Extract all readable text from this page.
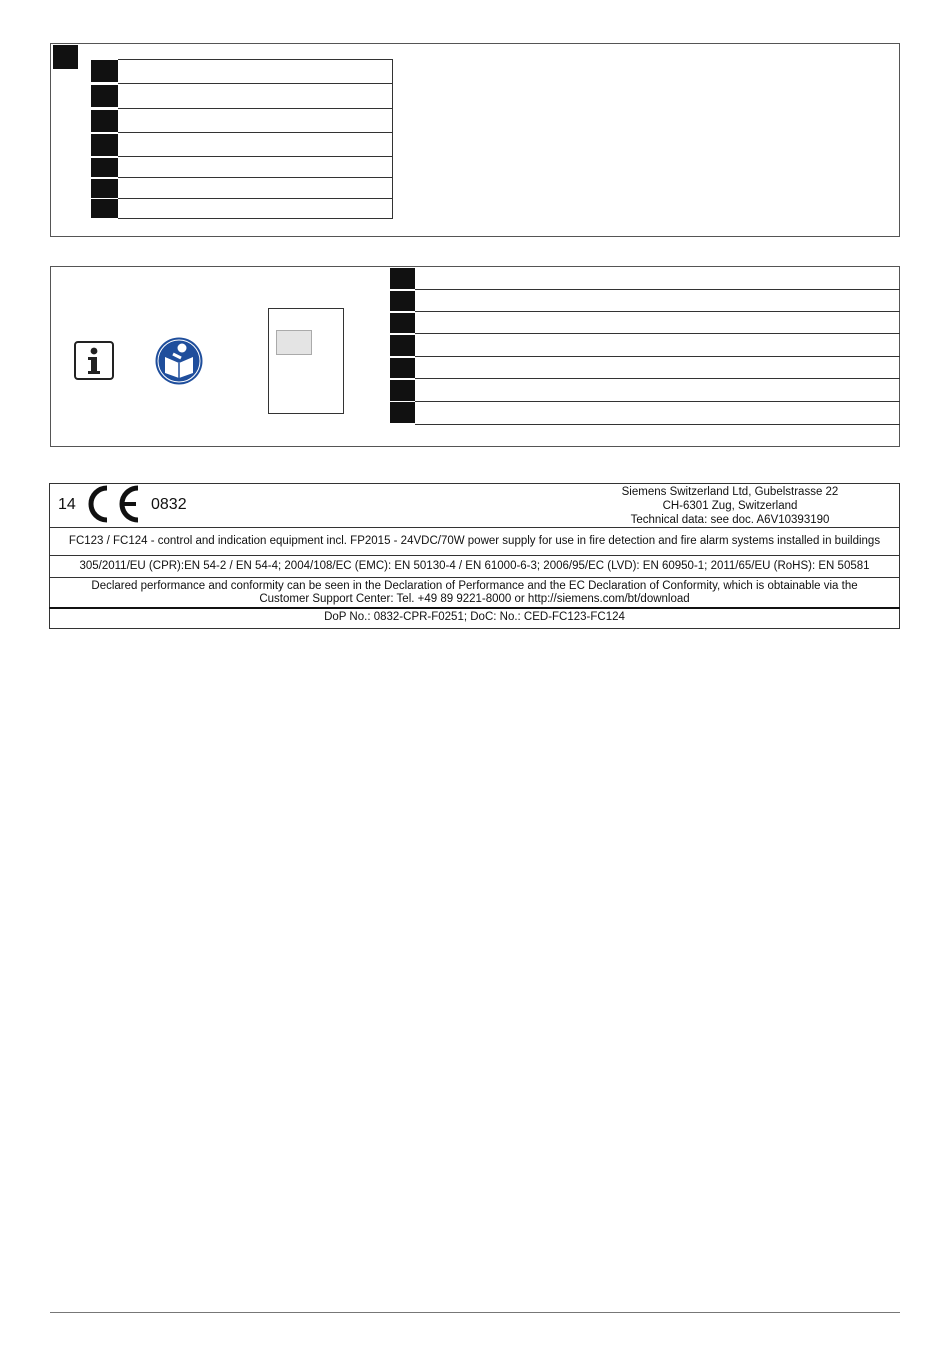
14	0832
Siemens Switzerland Ltd, Gubelstrasse 22
CH-6301 Zug, Switzerland
Technical data: see doc. A6V10393190
FC123 / FC124 - control and indication equipment incl. FP2015 - 24VDC/70W power supply for use in fire detection and fire alarm systems installed in buildings
305/2011/EU (CPR):EN 54-2 / EN 54-4; 2004/108/EC (EMC): EN 50130-4 / EN 61000-6-3; 2006/95/EC (LVD): EN 60950-1; 2011/65/EU (RoHS): EN 50581
Declared performance and conformity can be seen in the Declaration of Performance and the EC Declaration of Conformity, which is obtainable via the
Customer Support Center: Tel. +49 89 9221-8000 or http://siemens.com/bt/download
DoP No.: 0832-CPR-F0251; DoC: No.: CED-FC123-FC124
